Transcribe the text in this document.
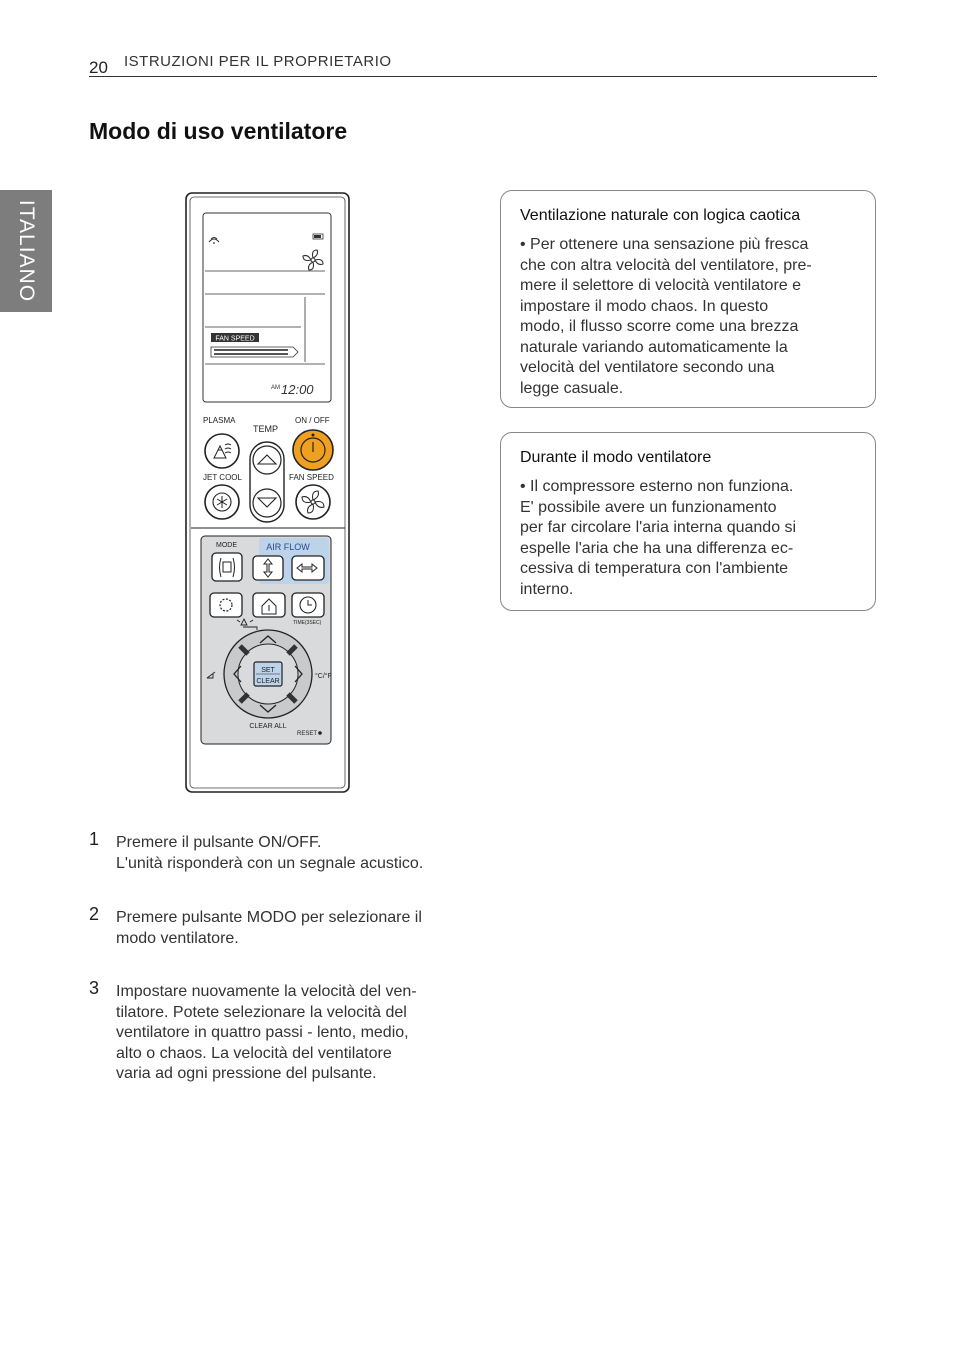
20 ISTRUZIONI PER IL PROPRIETARIO
ITALIANO
Modo di uso ventilatore
FAN SPEED
AM 12:00
PLASMA	ON / OFF
TEMP
JET COOL	FAN SPEED
MODE	AIR FLOW
TIME(3SEC)
SET
CLEAR
°C/°F
CLEAR ALL
RESET
Ventilazione naturale con logica caotica
• Per ottenere una sensazione più fresca
che con altra velocità del ventilatore, pre-
mere il selettore di velocità ventilatore e
impostare il modo chaos. In questo
modo, il flusso scorre come una brezza
naturale variando automaticamente la
velocità del ventilatore secondo una
legge casuale.
Durante il modo ventilatore
• Il compressore esterno non funziona.
E' possibile avere un funzionamento
per far circolare l'aria interna quando si
espelle l'aria che ha una differenza ec-
cessiva di temperatura con l'ambiente
interno.
1 Premere il pulsante ON/OFF.
L'unità risponderà con un segnale acustico.
2 Premere pulsante MODO per selezionare il
modo ventilatore.
3 Impostare nuovamente la velocità del ven-
tilatore. Potete selezionare la velocità del
ventilatore in quattro passi - lento, medio,
alto o chaos. La velocità del ventilatore
varia ad ogni pressione del pulsante.
